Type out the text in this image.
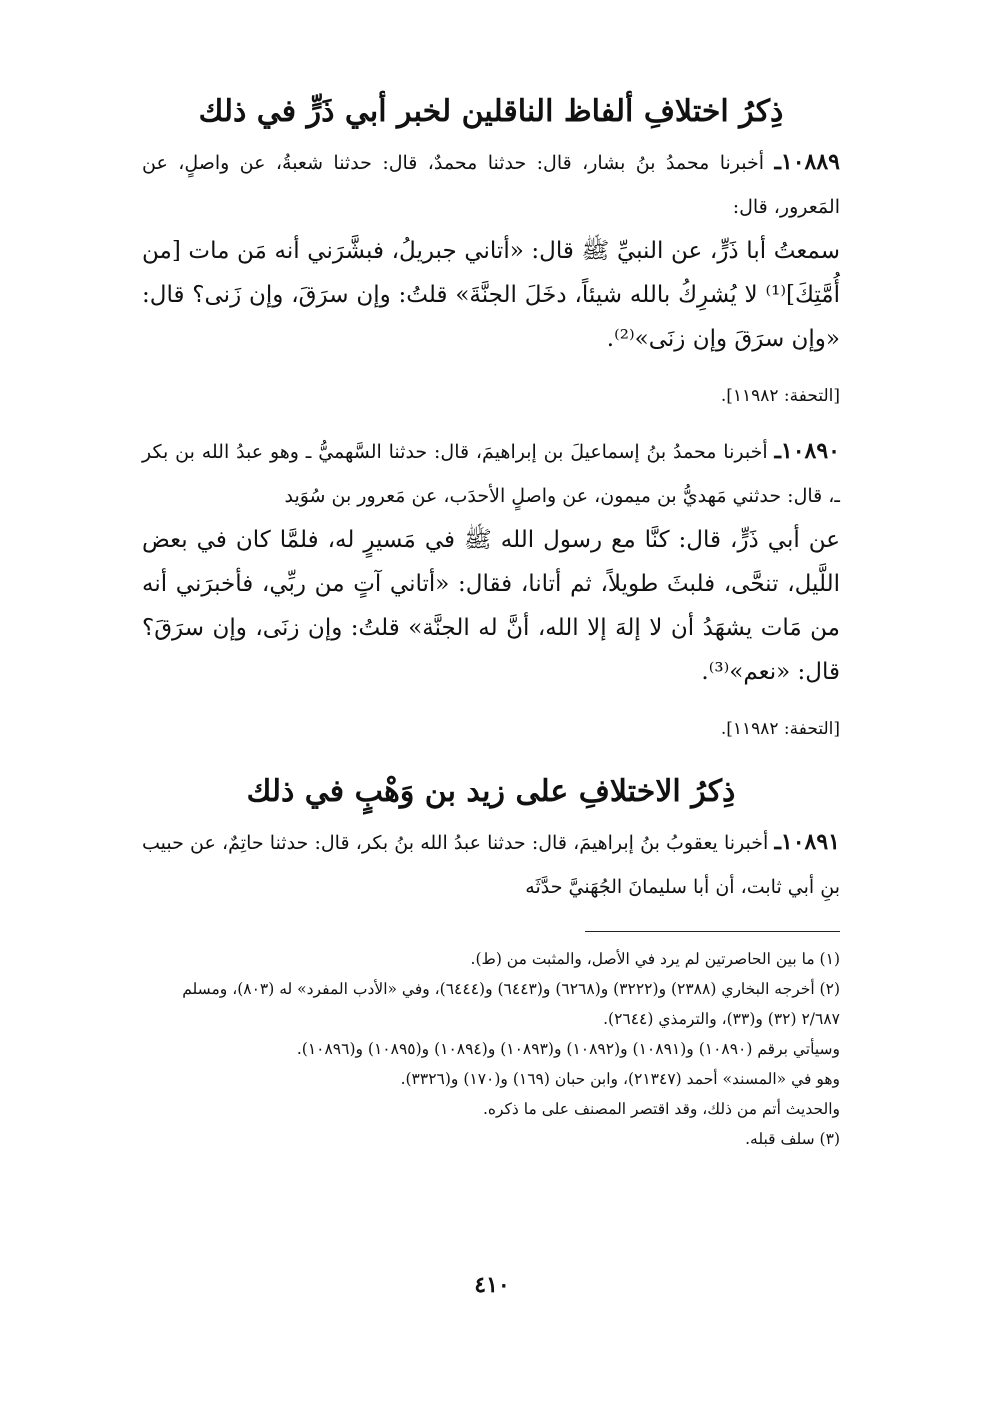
ذِكرُ اختلافِ ألفاظ الناقلين لخبر أبي ذَرٍّ في ذلك

١٠٨٨٩ـ أخبرنا محمدُ بنُ بشار، قال: حدثنا محمدٌ، قال: حدثنا شعبةُ، عن واصلٍ، عن المَعرور، قال:

سمعتُ أبا ذَرٍّ، عن النبيِّ ﷺ قال: «أتاني جبريلُ، فبشَّرَني أنه مَن مات [من أُمَّتِكَ]⁽¹⁾ لا يُشرِكُ بالله شيئاً، دخَلَ الجنَّةَ» قلتُ: وإن سرَقَ، وإن زَنى؟ قال: «وإن سرَقَ وإن زنَى»⁽²⁾.

[التحفة: ١١٩٨٢].

١٠٨٩٠ـ أخبرنا محمدُ بنُ إسماعيلَ بن إبراهيمَ، قال: حدثنا السَّهميُّ ـ وهو عبدُ الله بن بكر ـ، قال: حدثني مَهديُّ بن ميمون، عن واصلٍ الأحدَب، عن مَعرور بن سُوَيد

عن أبي ذَرٍّ، قال: كنَّا مع رسول الله ﷺ في مَسيرٍ له، فلمَّا كان في بعض اللَّيل، تنحَّى، فلبثَ طويلاً، ثم أتانا، فقال: «أتاني آتٍ من ربِّي، فأخبرَني أنه من مَات يشهَدُ أن لا إلهَ إلا الله، أنَّ له الجنَّة» قلتُ: وإن زنَى، وإن سرَقَ؟ قال: «نعم»⁽³⁾.

[التحفة: ١١٩٨٢].

ذِكرُ الاختلافِ على زيد بن وَهْبٍ في ذلك

١٠٨٩١ـ أخبرنا يعقوبُ بنُ إبراهيمَ، قال: حدثنا عبدُ الله بنُ بكر، قال: حدثنا حاتِمٌ، عن حبيب بنِ أبي ثابت، أن أبا سليمانَ الجُهَنيَّ حدَّثَه

(١) ما بين الحاصرتين لم يرد في الأصل، والمثبت من (ط).

(٢) أخرجه البخاري (٢٣٨٨) و(٣٢٢٢) و(٦٢٦٨) و(٦٤٤٣) و(٦٤٤٤)، وفي «الأدب المفرد» له (٨٠٣)، ومسلم ٢/٦٨٧ (٣٢) و(٣٣)، والترمذي (٢٦٤٤).

وسيأتي برقم (١٠٨٩٠) و(١٠٨٩١) و(١٠٨٩٢) و(١٠٨٩٣) و(١٠٨٩٤) و(١٠٨٩٥) و(١٠٨٩٦).

وهو في «المسند» أحمد (٢١٣٤٧)، وابن حبان (١٦٩) و(١٧٠) و(٣٣٢٦).

والحديث أتم من ذلك، وقد اقتصر المصنف على ما ذكره.

(٣) سلف قبله.

٤١٠
